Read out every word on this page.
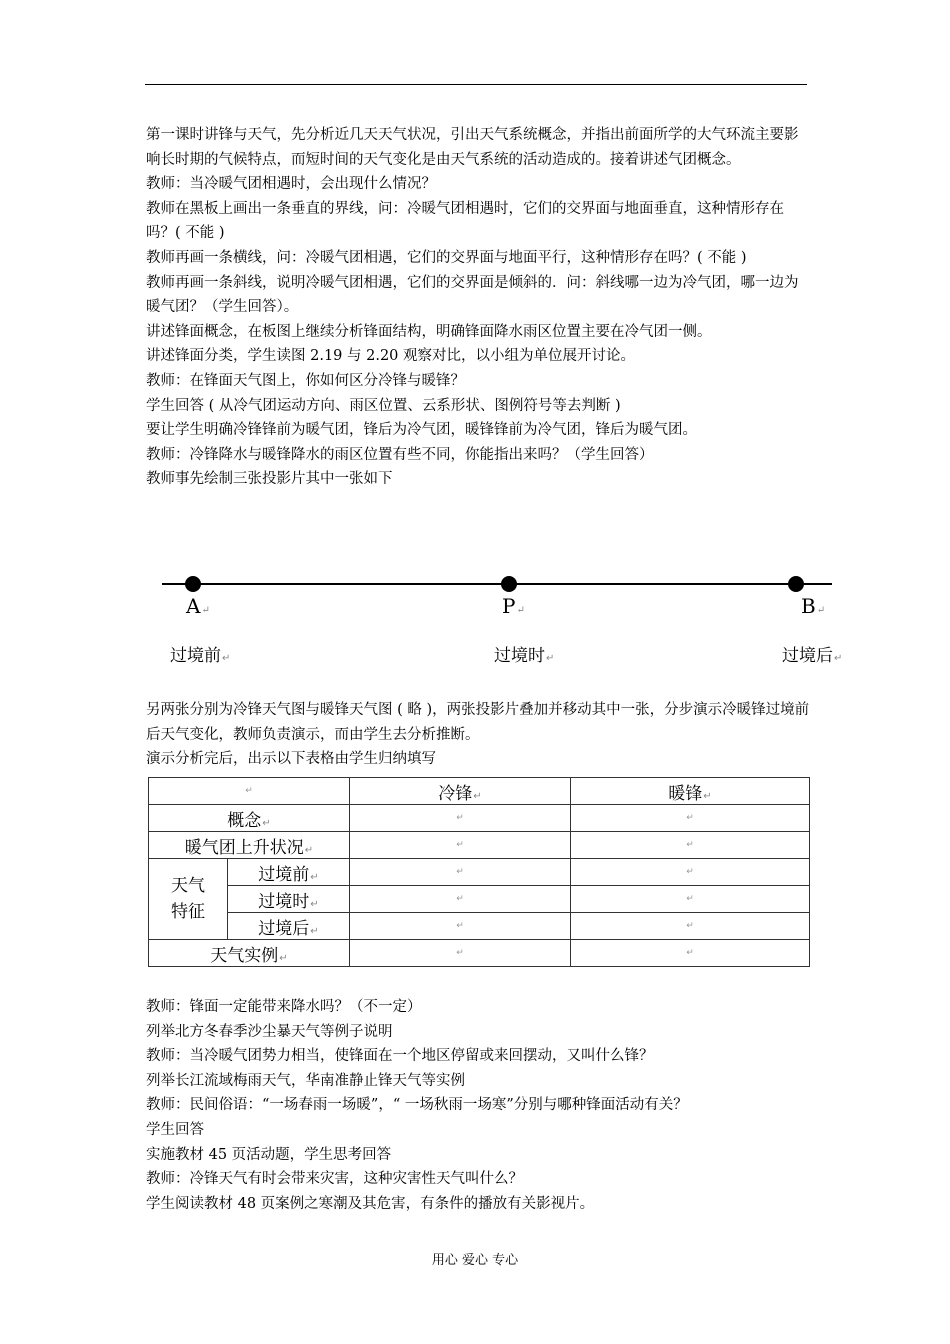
第一课时讲锋与天气，先分析近几天天气状况，引出天气系统概念，并指出前面所学的大气环流主要影响长时期的气候特点，而短时间的天气变化是由天气系统的活动造成的。接着讲述气团概念。

教师：当冷暖气团相遇时，会出现什么情况？

教师在黑板上画出一条垂直的界线，问：冷暖气团相遇时，它们的交界面与地面垂直，这种情形存在吗？( 不能 )

教师再画一条横线，问：冷暖气团相遇，它们的交界面与地面平行，这种情形存在吗？( 不能 )

教师再画一条斜线，说明冷暖气团相遇，它们的交界面是倾斜的．问：斜线哪一边为冷气团，哪一边为暖气团？（学生回答）。

讲述锋面概念，在板图上继续分析锋面结构，明确锋面降水雨区位置主要在冷气团一侧。

讲述锋面分类，学生读图 2.19 与 2.20 观察对比，以小组为单位展开讨论。

教师：在锋面天气图上，你如何区分冷锋与暖锋？

学生回答 ( 从冷气团运动方向、雨区位置、云系形状、图例符号等去判断 )

要让学生明确冷锋锋前为暖气团，锋后为冷气团，暖锋锋前为冷气团，锋后为暖气团。

教师：冷锋降水与暖锋降水的雨区位置有些不同，你能指出来吗？（学生回答）

教师事先绘制三张投影片其中一张如下

A↵	P↵	B↵
过境前↵	过境时↵	过境后↵

另两张分别为冷锋天气图与暖锋天气图 ( 略 )，两张投影片叠加并移动其中一张，分步演示冷暖锋过境前后天气变化，教师负责演示，而由学生去分析推断。

演示分析完后，出示以下表格由学生归纳填写

↵		冷锋↵	暖锋↵
概念↵		↵	↵
暖气团上升状况↵		↵	↵

天气
特征	过境前↵	↵	↵
	过境时↵	↵	↵
	过境后↵	↵	↵
天气实例↵		↵	↵

教师：锋面一定能带来降水吗？（不一定）

列举北方冬春季沙尘暴天气等例子说明

教师：当冷暖气团势力相当，使锋面在一个地区停留或来回摆动，又叫什么锋？

列举长江流域梅雨天气，华南准静止锋天气等实例

教师：民间俗语：“一场春雨一场暖”，“ 一场秋雨一场寒”分别与哪种锋面活动有关？

学生回答

实施教材 45 页活动题，学生思考回答

教师：冷锋天气有时会带来灾害，这种灾害性天气叫什么？

学生阅读教材 48 页案例之寒潮及其危害，有条件的播放有关影视片。

用心 爱心 专心
